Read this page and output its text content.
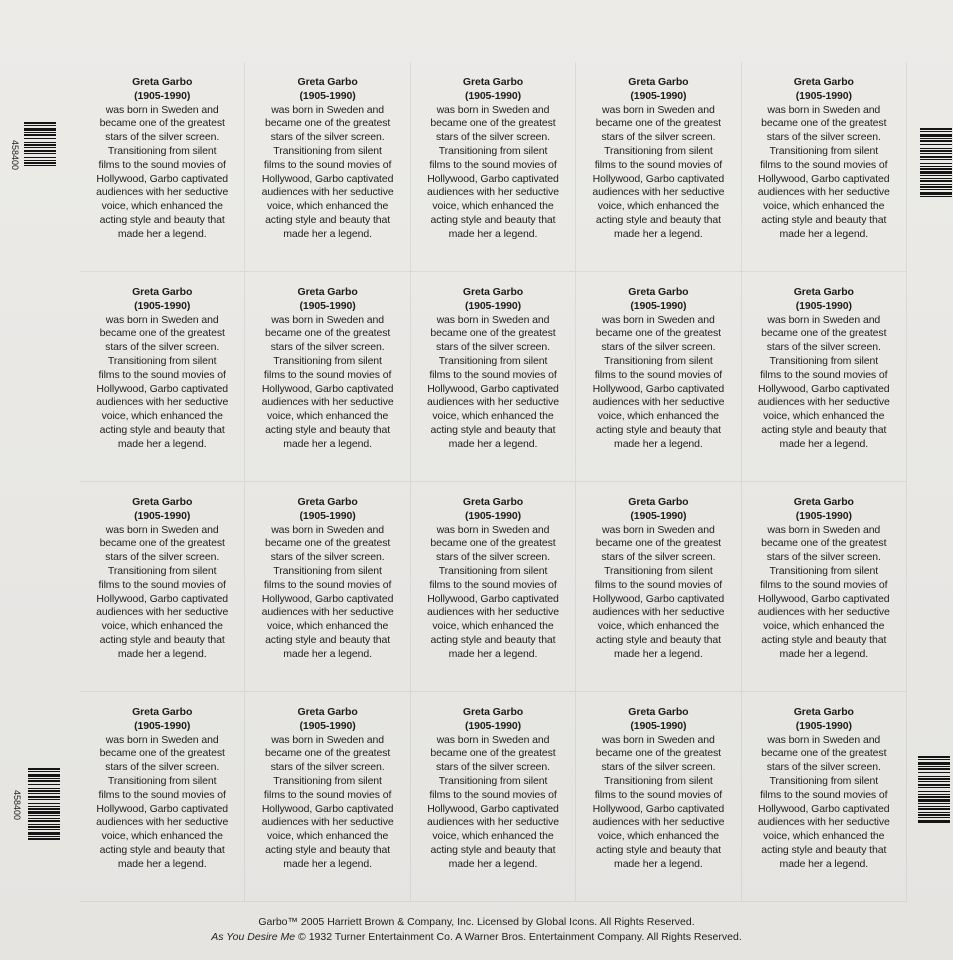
Greta Garbo
(1905-1990)
was born in Sweden and
became one of the greatest
stars of the silver screen.
Transitioning from silent
films to the sound movies of
Hollywood, Garbo captivated
audiences with her seductive
voice, which enhanced the
acting style and beauty that
made her a legend.
Greta Garbo
(1905-1990)
was born in Sweden and
became one of the greatest
stars of the silver screen.
Transitioning from silent
films to the sound movies of
Hollywood, Garbo captivated
audiences with her seductive
voice, which enhanced the
acting style and beauty that
made her a legend.
Greta Garbo
(1905-1990)
was born in Sweden and
became one of the greatest
stars of the silver screen.
Transitioning from silent
films to the sound movies of
Hollywood, Garbo captivated
audiences with her seductive
voice, which enhanced the
acting style and beauty that
made her a legend.
Greta Garbo
(1905-1990)
was born in Sweden and
became one of the greatest
stars of the silver screen.
Transitioning from silent
films to the sound movies of
Hollywood, Garbo captivated
audiences with her seductive
voice, which enhanced the
acting style and beauty that
made her a legend.
Greta Garbo
(1905-1990)
was born in Sweden and
became one of the greatest
stars of the silver screen.
Transitioning from silent
films to the sound movies of
Hollywood, Garbo captivated
audiences with her seductive
voice, which enhanced the
acting style and beauty that
made her a legend.
Greta Garbo
(1905-1990)
was born in Sweden and
became one of the greatest
stars of the silver screen.
Transitioning from silent
films to the sound movies of
Hollywood, Garbo captivated
audiences with her seductive
voice, which enhanced the
acting style and beauty that
made her a legend.
Greta Garbo
(1905-1990)
was born in Sweden and
became one of the greatest
stars of the silver screen.
Transitioning from silent
films to the sound movies of
Hollywood, Garbo captivated
audiences with her seductive
voice, which enhanced the
acting style and beauty that
made her a legend.
Greta Garbo
(1905-1990)
was born in Sweden and
became one of the greatest
stars of the silver screen.
Transitioning from silent
films to the sound movies of
Hollywood, Garbo captivated
audiences with her seductive
voice, which enhanced the
acting style and beauty that
made her a legend.
Greta Garbo
(1905-1990)
was born in Sweden and
became one of the greatest
stars of the silver screen.
Transitioning from silent
films to the sound movies of
Hollywood, Garbo captivated
audiences with her seductive
voice, which enhanced the
acting style and beauty that
made her a legend.
Greta Garbo
(1905-1990)
was born in Sweden and
became one of the greatest
stars of the silver screen.
Transitioning from silent
films to the sound movies of
Hollywood, Garbo captivated
audiences with her seductive
voice, which enhanced the
acting style and beauty that
made her a legend.
Greta Garbo
(1905-1990)
was born in Sweden and
became one of the greatest
stars of the silver screen.
Transitioning from silent
films to the sound movies of
Hollywood, Garbo captivated
audiences with her seductive
voice, which enhanced the
acting style and beauty that
made her a legend.
Greta Garbo
(1905-1990)
was born in Sweden and
became one of the greatest
stars of the silver screen.
Transitioning from silent
films to the sound movies of
Hollywood, Garbo captivated
audiences with her seductive
voice, which enhanced the
acting style and beauty that
made her a legend.
Greta Garbo
(1905-1990)
was born in Sweden and
became one of the greatest
stars of the silver screen.
Transitioning from silent
films to the sound movies of
Hollywood, Garbo captivated
audiences with her seductive
voice, which enhanced the
acting style and beauty that
made her a legend.
Greta Garbo
(1905-1990)
was born in Sweden and
became one of the greatest
stars of the silver screen.
Transitioning from silent
films to the sound movies of
Hollywood, Garbo captivated
audiences with her seductive
voice, which enhanced the
acting style and beauty that
made her a legend.
Greta Garbo
(1905-1990)
was born in Sweden and
became one of the greatest
stars of the silver screen.
Transitioning from silent
films to the sound movies of
Hollywood, Garbo captivated
audiences with her seductive
voice, which enhanced the
acting style and beauty that
made her a legend.
Greta Garbo
(1905-1990)
was born in Sweden and
became one of the greatest
stars of the silver screen.
Transitioning from silent
films to the sound movies of
Hollywood, Garbo captivated
audiences with her seductive
voice, which enhanced the
acting style and beauty that
made her a legend.
Greta Garbo
(1905-1990)
was born in Sweden and
became one of the greatest
stars of the silver screen.
Transitioning from silent
films to the sound movies of
Hollywood, Garbo captivated
audiences with her seductive
voice, which enhanced the
acting style and beauty that
made her a legend.
Greta Garbo
(1905-1990)
was born in Sweden and
became one of the greatest
stars of the silver screen.
Transitioning from silent
films to the sound movies of
Hollywood, Garbo captivated
audiences with her seductive
voice, which enhanced the
acting style and beauty that
made her a legend.
Greta Garbo
(1905-1990)
was born in Sweden and
became one of the greatest
stars of the silver screen.
Transitioning from silent
films to the sound movies of
Hollywood, Garbo captivated
audiences with her seductive
voice, which enhanced the
acting style and beauty that
made her a legend.
Greta Garbo
(1905-1990)
was born in Sweden and
became one of the greatest
stars of the silver screen.
Transitioning from silent
films to the sound movies of
Hollywood, Garbo captivated
audiences with her seductive
voice, which enhanced the
acting style and beauty that
made her a legend.
458400
458400
Garbo™ 2005 Harriett Brown & Company, Inc. Licensed by Global Icons. All Rights Reserved.
As You Desire Me © 1932 Turner Entertainment Co. A Warner Bros. Entertainment Company. All Rights Reserved.
